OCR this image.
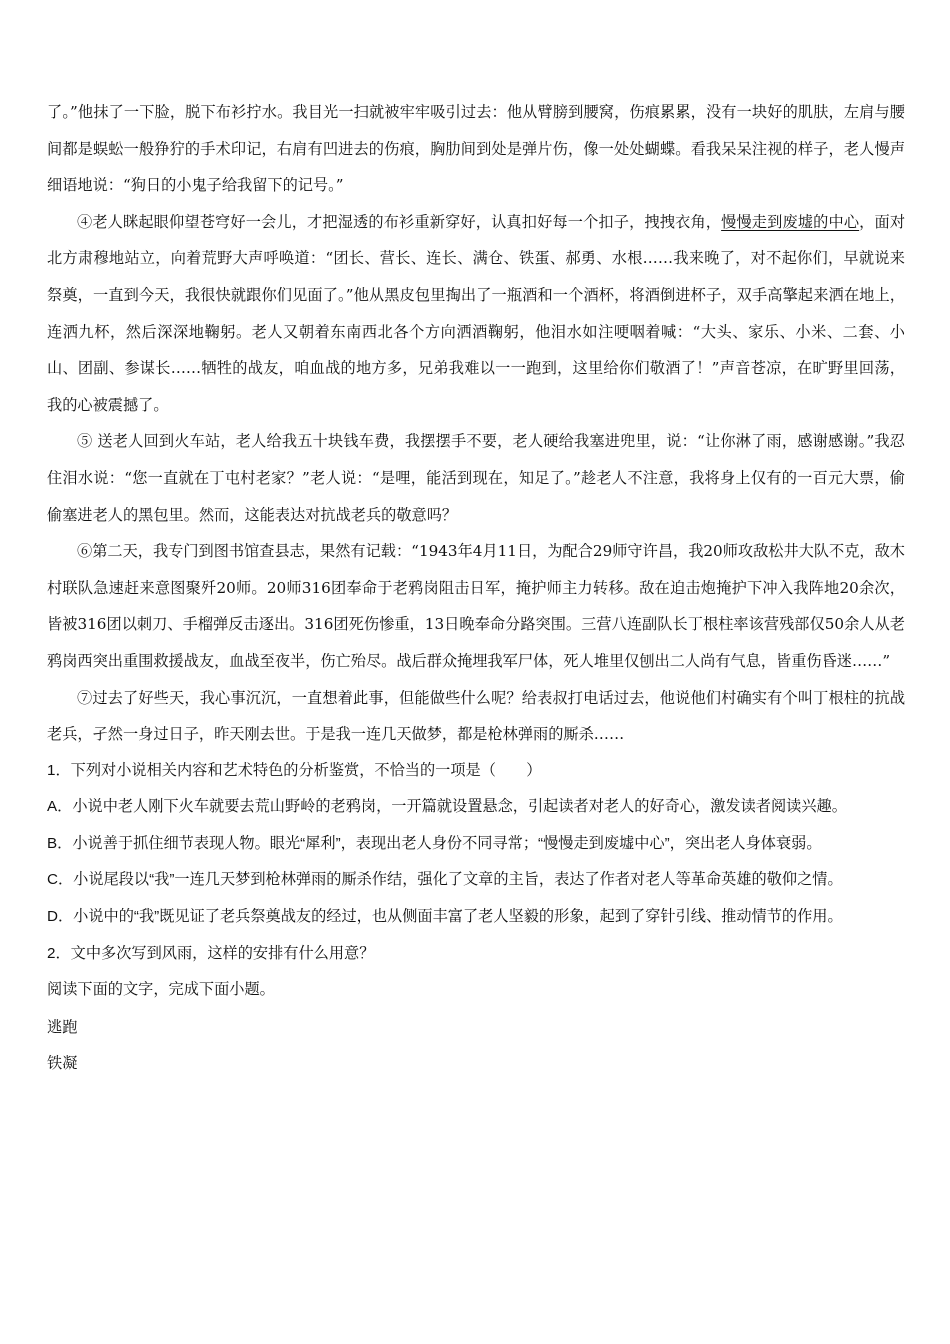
了。”他抹了一下脸，脱下布衫拧水。我目光一扫就被牢牢吸引过去：他从臂膀到腰窝，伤痕累累，没有一块好的肌肤，左肩与腰间都是蜈蚣一般狰狞的手术印记，右肩有凹进去的伤痕，胸肋间到处是弹片伤，像一处处蝴蝶。看我呆呆注视的样子，老人慢声细语地说：“狗日的小鬼子给我留下的记号。”

④老人眯起眼仰望苍穹好一会儿，才把湿透的布衫重新穿好，认真扣好每一个扣子，拽拽衣角，慢慢走到废墟的中心，面对北方肃穆地站立，向着荒野大声呼唤道：“团长、营长、连长、满仓、铁蛋、郝勇、水根……我来晚了，对不起你们，早就说来祭奠，一直到今天，我很快就跟你们见面了。”他从黑皮包里掏出了一瓶酒和一个酒杯，将酒倒进杯子，双手高擎起来洒在地上，连洒九杯，然后深深地鞠躬。老人又朝着东南西北各个方向洒酒鞠躬，他泪水如注哽咽着喊：“大头、家乐、小米、二套、小山、团副、参谋长……牺牲的战友，咱血战的地方多，兄弟我难以一一跑到，这里给你们敬酒了！”声音苍凉，在旷野里回荡，我的心被震撼了。

⑤ 送老人回到火车站，老人给我五十块钱车费，我摆摆手不要，老人硬给我塞进兜里，说：“让你淋了雨，感谢感谢。”我忍住泪水说：“您一直就在丁屯村老家？”老人说：“是哩，能活到现在，知足了。”趁老人不注意，我将身上仅有的一百元大票，偷偷塞进老人的黑包里。然而，这能表达对抗战老兵的敬意吗？

⑥第二天，我专门到图书馆查县志，果然有记载：“1943年4月11日，为配合29师守许昌，我20师攻敌松井大队不克，敌木村联队急速赶来意图聚歼20师。20师316团奉命于老鸦岗阻击日军，掩护师主力转移。敌在迫击炮掩护下冲入我阵地20余次，皆被316团以刺刀、手榴弹反击逐出。316团死伤惨重，13日晚奉命分路突围。三营八连副队长丁根柱率该营残部仅50余人从老鸦岗西突出重围救援战友，血战至夜半，伤亡殆尽。战后群众掩埋我军尸体，死人堆里仅刨出二人尚有气息，皆重伤昏迷……”

⑦过去了好些天，我心事沉沉，一直想着此事，但能做些什么呢？给表叔打电话过去，他说他们村确实有个叫丁根柱的抗战老兵，孑然一身过日子，昨天刚去世。于是我一连几天做梦，都是枪林弹雨的厮杀……

1．下列对小说相关内容和艺术特色的分析鉴赏，不恰当的一项是（　　）

A．小说中老人刚下火车就要去荒山野岭的老鸦岗，一开篇就设置悬念，引起读者对老人的好奇心，激发读者阅读兴趣。

B．小说善于抓住细节表现人物。眼光“犀利”，表现出老人身份不同寻常；“慢慢走到废墟中心”，突出老人身体衰弱。

C．小说尾段以“我”一连几天梦到枪林弹雨的厮杀作结，强化了文章的主旨，表达了作者对老人等革命英雄的敬仰之情。

D．小说中的“我”既见证了老兵祭奠战友的经过，也从侧面丰富了老人坚毅的形象，起到了穿针引线、推动情节的作用。

2．文中多次写到风雨，这样的安排有什么用意？

阅读下面的文字，完成下面小题。

逃跑

铁凝
